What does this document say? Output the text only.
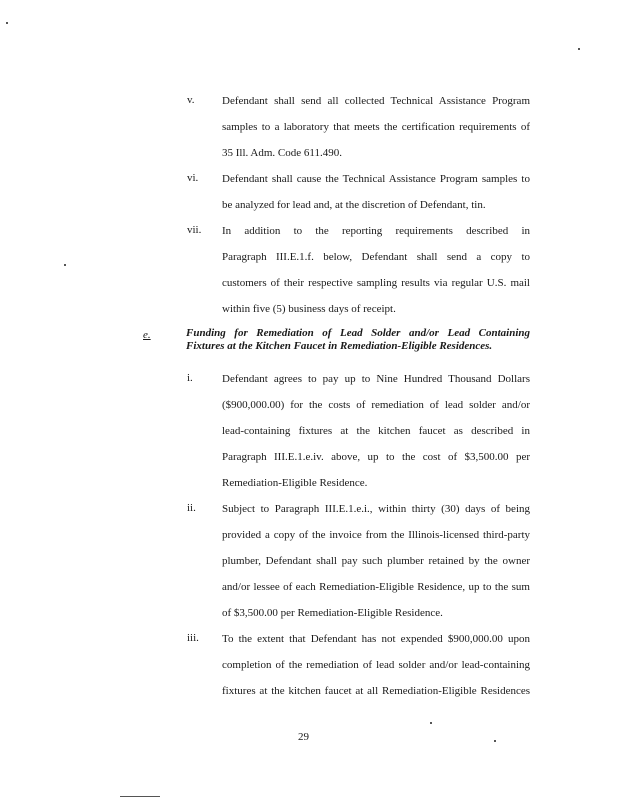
v. Defendant shall send all collected Technical Assistance Program
samples to a laboratory that meets the certification requirements of
35 Ill. Adm. Code 611.490.
vi. Defendant shall cause the Technical Assistance Program samples to
be analyzed for lead and, at the discretion of Defendant, tin.
vii. In addition to the reporting requirements described in
Paragraph III.E.1.f. below, Defendant shall send a copy to
customers of their respective sampling results via regular U.S. mail
within five (5) business days of receipt.
e.	Funding for Remediation of Lead Solder and/or Lead Containing
Fixtures at the Kitchen Faucet in Remediation-Eligible Residences.
i.	Defendant agrees to pay up to Nine Hundred Thousand Dollars
($900,000.00) for the costs of remediation of lead solder and/or
lead-containing fixtures at the kitchen faucet as described in
Paragraph III.E.1.e.iv. above, up to the cost of $3,500.00 per
Remediation-Eligible Residence.
ii. Subject to Paragraph III.E.1.e.i., within thirty (30) days of being
provided a copy of the invoice from the Illinois-licensed third-party
plumber, Defendant shall pay such plumber retained by the owner
and/or lessee of each Remediation-Eligible Residence, up to the sum
of $3,500.00 per Remediation-Eligible Residence.
iii. To the extent that Defendant has not expended $900,000.00 upon
completion of the remediation of lead solder and/or lead-containing
fixtures at the kitchen faucet at all Remediation-Eligible Residences
29
